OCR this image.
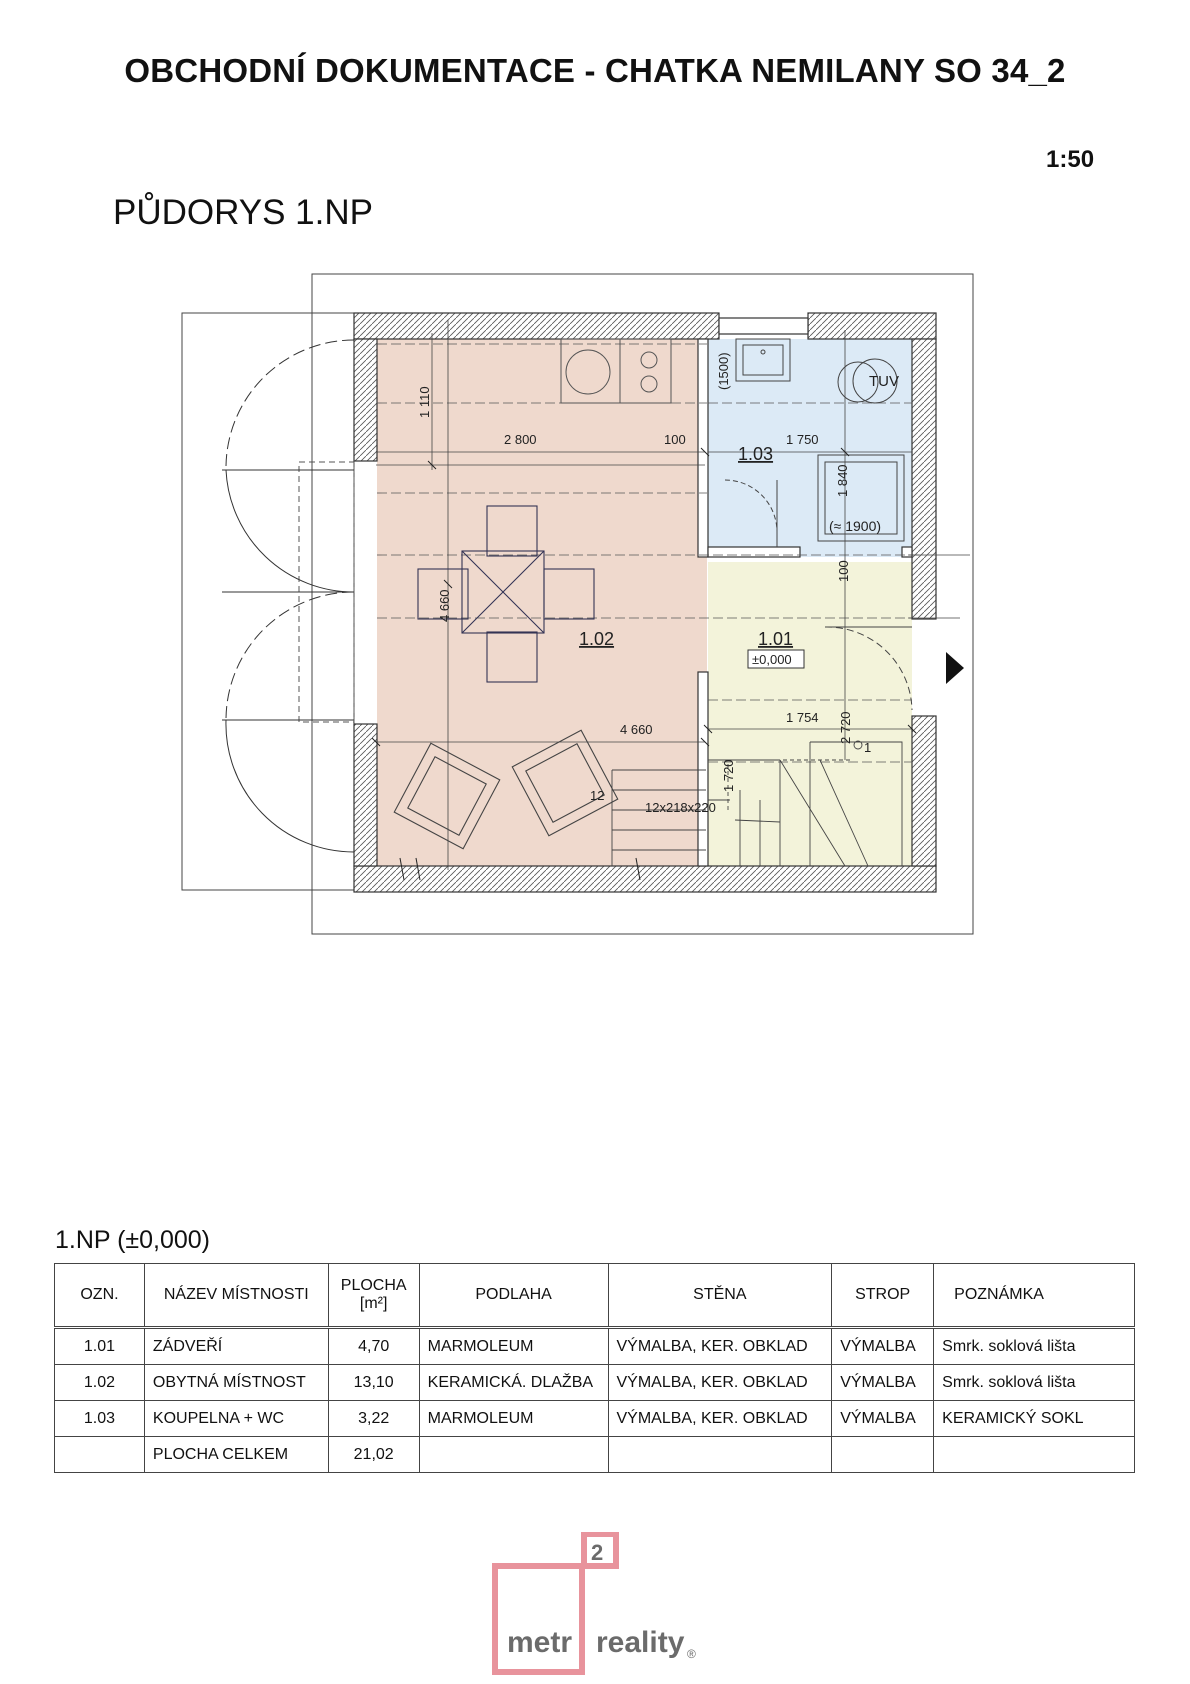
OBCHODNÍ DOKUMENTACE - CHATKA NEMILANY SO 34_2
1:50
PŮDORYS 1.NP
TUV
(≈ 1900)
1.03
1.02	1.01
±0,000
2 800	100	1 750
4 660
1 754
12
12x218x220
1
1 110
(1500)
1 840
100
4 660
2 720
1 720
1.NP (±0,000)
OZN.	NÁZEV MÍSTNOSTI	PLOCHA
[m²]	PODLAHA	STĚNA	STROP	POZNÁMKA
1.01	ZÁDVEŘÍ	4,70	MARMOLEUM	VÝMALBA, KER. OBKLAD	VÝMALBA	Smrk. soklová lišta
1.02	OBYTNÁ MÍSTNOST	13,10	KERAMICKÁ. DLAŽBA	VÝMALBA, KER. OBKLAD	VÝMALBA	Smrk. soklová lišta
1.03	KOUPELNA + WC	3,22	MARMOLEUM	VÝMALBA, KER. OBKLAD	VÝMALBA	KERAMICKÝ SOKL
	PLOCHA CELKEM	21,02				
2
metr reality ®
